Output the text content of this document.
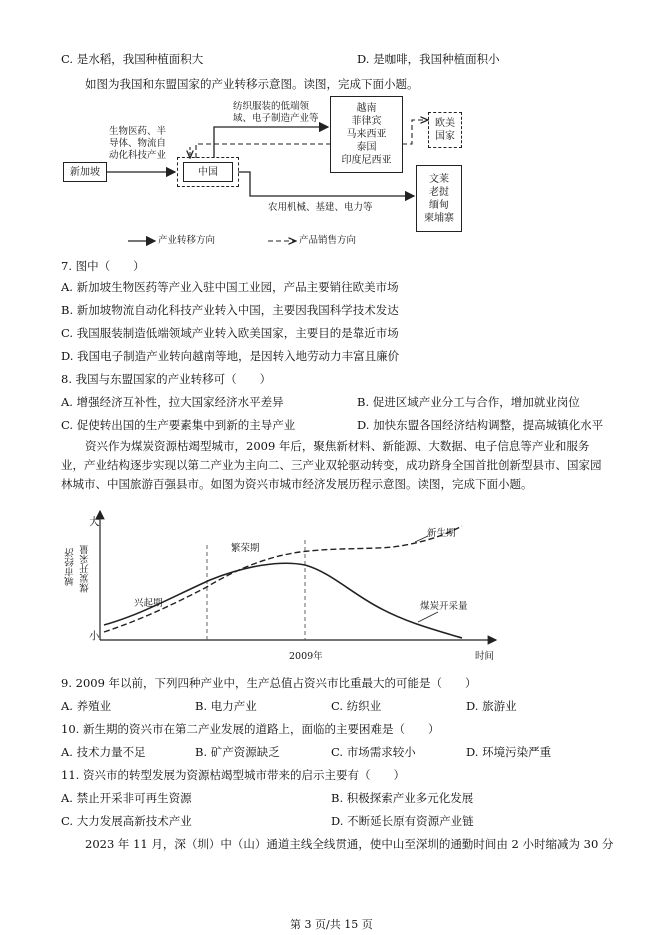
C. 是水稻，我国种植面积大	D. 是咖啡，我国种植面积小
如图为我国和东盟国家的产业转移示意图。读图，完成下面小题。
新加坡	中国
越南
菲律宾
马来西亚
泰国
印度尼西亚
欧美
国家
文莱
老挝
缅甸
柬埔寨
生物医药、半
导体、物流自
动化科技产业
纺织服装的低端领
域、电子制造产业等
农用机械、基建、电力等
产业转移方向	产品销售方向
7. 图中（　　）
A. 新加坡生物医药等产业入驻中国工业园，产品主要销往欧美市场
B. 新加坡物流自动化科技产业转入中国，主要因我国科学技术发达
C. 我国服装制造低端领域产业转入欧美国家，主要目的是靠近市场
D. 我国电子制造产业转向越南等地，是因转入地劳动力丰富且廉价
8. 我国与东盟国家的产业转移可（　　）
A. 增强经济互补性，拉大国家经济水平差异	B. 促进区域产业分工与合作，增加就业岗位
C. 促使转出国的生产要素集中到新的主导产业	D. 加快东盟各国经济结构调整，提高城镇化水平
资兴作为煤炭资源枯竭型城市，2009 年后，聚焦新材料、新能源、大数据、电子信息等产业和服务业，产业结构逐步实现以第二产业为主向二、三产业双轮驱动转变，成功跻身全国首批创新型县市、国家园林城市、中国旅游百强县市。如图为资兴市城市经济发展历程示意图。读图，完成下面小题。
大
小
城市经济 煤炭开采量
时间
2009年
兴起期
繁荣期
新生期
煤炭开采量
9. 2009 年以前，下列四种产业中，生产总值占资兴市比重最大的可能是（　　）
A. 养殖业	B. 电力产业	C. 纺织业	D. 旅游业
10. 新生期的资兴市在第二产业发展的道路上，面临的主要困难是（　　）
A. 技术力量不足	B. 矿产资源缺乏	C. 市场需求较小	D. 环境污染严重
11. 资兴市的转型发展为资源枯竭型城市带来的启示主要有（　　）
A. 禁止开采非可再生资源	B. 积极探索产业多元化发展
C. 大力发展高新技术产业	D. 不断延长原有资源产业链
2023 年 11 月，深（圳）中（山）通道主线全线贯通，使中山至深圳的通勤时间由 2 小时缩减为 30 分
第 3 页/共 15 页
